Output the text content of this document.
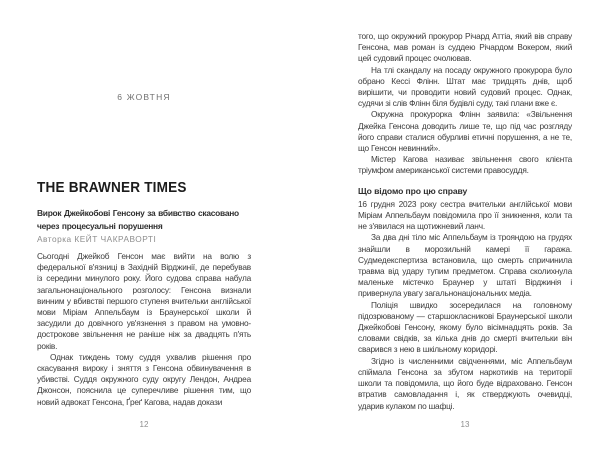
6 ЖОВТНЯ
THE BRAWNER TIMES
Вирок Джейкобові Генсону за вбивство скасовано через процесуальні порушення
Авторка КЕЙТ ЧАКРАВОРТІ

Сьогодні Джейкоб Генсон має вийти на волю з федеральної в'язниці в Західній Вірджинії, де перебував із середини минулого року. Його судова справа набула загальнонаціонального розголосу: Генсона визнали винним у вбивстві першого ступеня вчительки англійської мови Міріам Аппельбаум із Браунерської школи й засудили до довічного ув'язнення з правом на умовно-дострокове звільнення не раніше ніж за двадцять п'ять років.

Однак тиждень тому суддя ухвалив рішення про скасування вироку і зняття з Генсона обвинувачення в убивстві. Суддя окружного суду округу Лендон, Андреа Джонсон, пояснила це суперечливе рішення тим, що новий адвокат Генсона, Ґреґ Кагова, надав докази

12

того, що окружний прокурор Річард Аттіа, який вів справу Генсона, мав роман із суддею Річардом Вокером, який цей судовий процес очолював.

На тлі скандалу на посаду окружного прокурора було обрано Кессі Флінн. Штат має тридцять днів, щоб вирішити, чи проводити новий судовий процес. Однак, судячи зі слів Флінн біля будівлі суду, такі плани вже є.

Окружна прокурорка Флінн заявила: «Звільнення Джейка Генсона доводить лише те, що під час розгляду його справи сталися обурливі етичні порушення, а не те, що Генсон невинний».

Містер Кагова називає звільнення свого клієнта тріумфом американської системи правосуддя.

Що відомо про цю справу

16 грудня 2023 року сестра вчительки англійської мови Міріам Аппельбаум повідомила про її зникнення, коли та не з'явилася на щотижневий ланч.

За два дні тіло міс Аппельбаум із трояндою на грудях знайшли в морозильній камері її гаража. Судмедекспертиза встановила, що смерть спричинила травма від удару тупим предметом. Справа сколихнула маленьке містечко Браунер у штаті Вірджинія і привернула увагу загальнонаціональних медіа.

Поліція швидко зосередилася на головному підозрюваному — старшокласникові Браунерської школи Джейкобові Генсону, якому було вісімнадцять років. За словами свідків, за кілька днів до смерті вчительки він сварився з нею в шкільному коридорі.

Згідно із численними свідченнями, міс Аппельбаум спіймала Генсона за збутом наркотиків на території школи та повідомила, що його буде відраховано. Генсон втратив самовладання і, як стверджують очевидці, ударив кулаком по шафці.

13
